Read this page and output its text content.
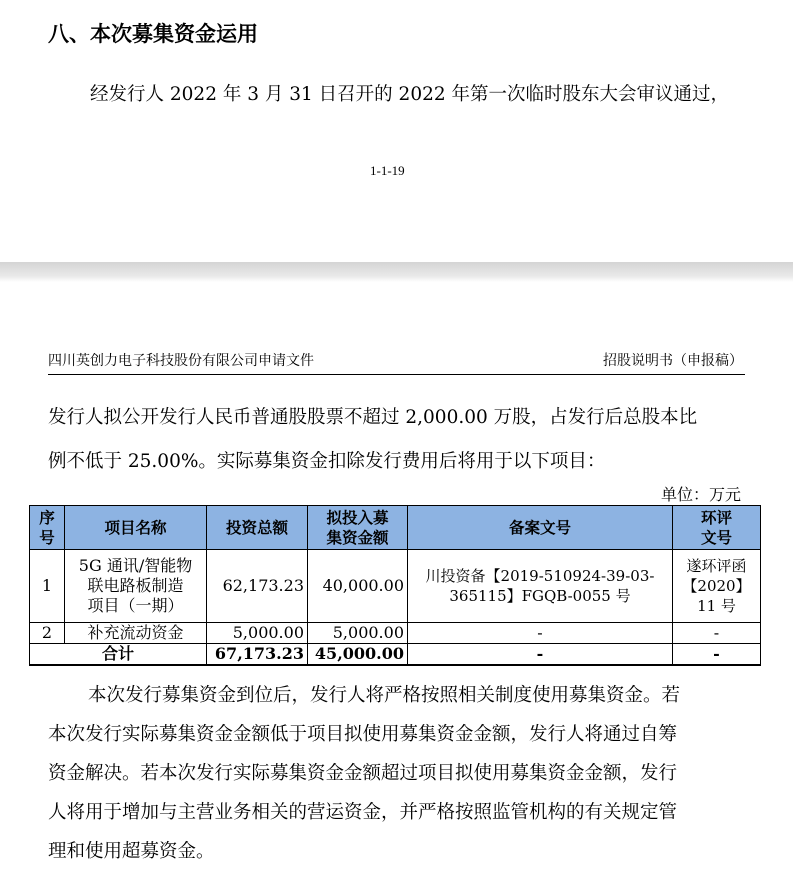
八、本次募集资金运用
经发行人 2022 年 3 月 31 日召开的 2022 年第一次临时股东大会审议通过，
1-1-19
四川英创力电子科技股份有限公司申请文件	招股说明书（申报稿）
发行人拟公开发行人民币普通股股票不超过 2,000.00 万股，占发行后总股本比
例不低于 25.00%。实际募集资金扣除发行费用后将用于以下项目：
单位：万元
序
号	项目名称	投资总额	拟投入募
集资金额	备案文号	环评
文号
1	5G 通讯/智能物
联电路板制造
项目（一期）	62,173.23	40,000.00	川投资备【2019-510924-39-03-
365115】FGQB-0055 号	遂环评函
【2020】
11 号
2	补充流动资金	5,000.00	5,000.00	-	-
合计		67,173.23	45,000.00	-	-
本次发行募集资金到位后，发行人将严格按照相关制度使用募集资金。若
本次发行实际募集资金金额低于项目拟使用募集资金金额，发行人将通过自筹
资金解决。若本次发行实际募集资金金额超过项目拟使用募集资金金额，发行
人将用于增加与主营业务相关的营运资金，并严格按照监管机构的有关规定管
理和使用超募资金。
